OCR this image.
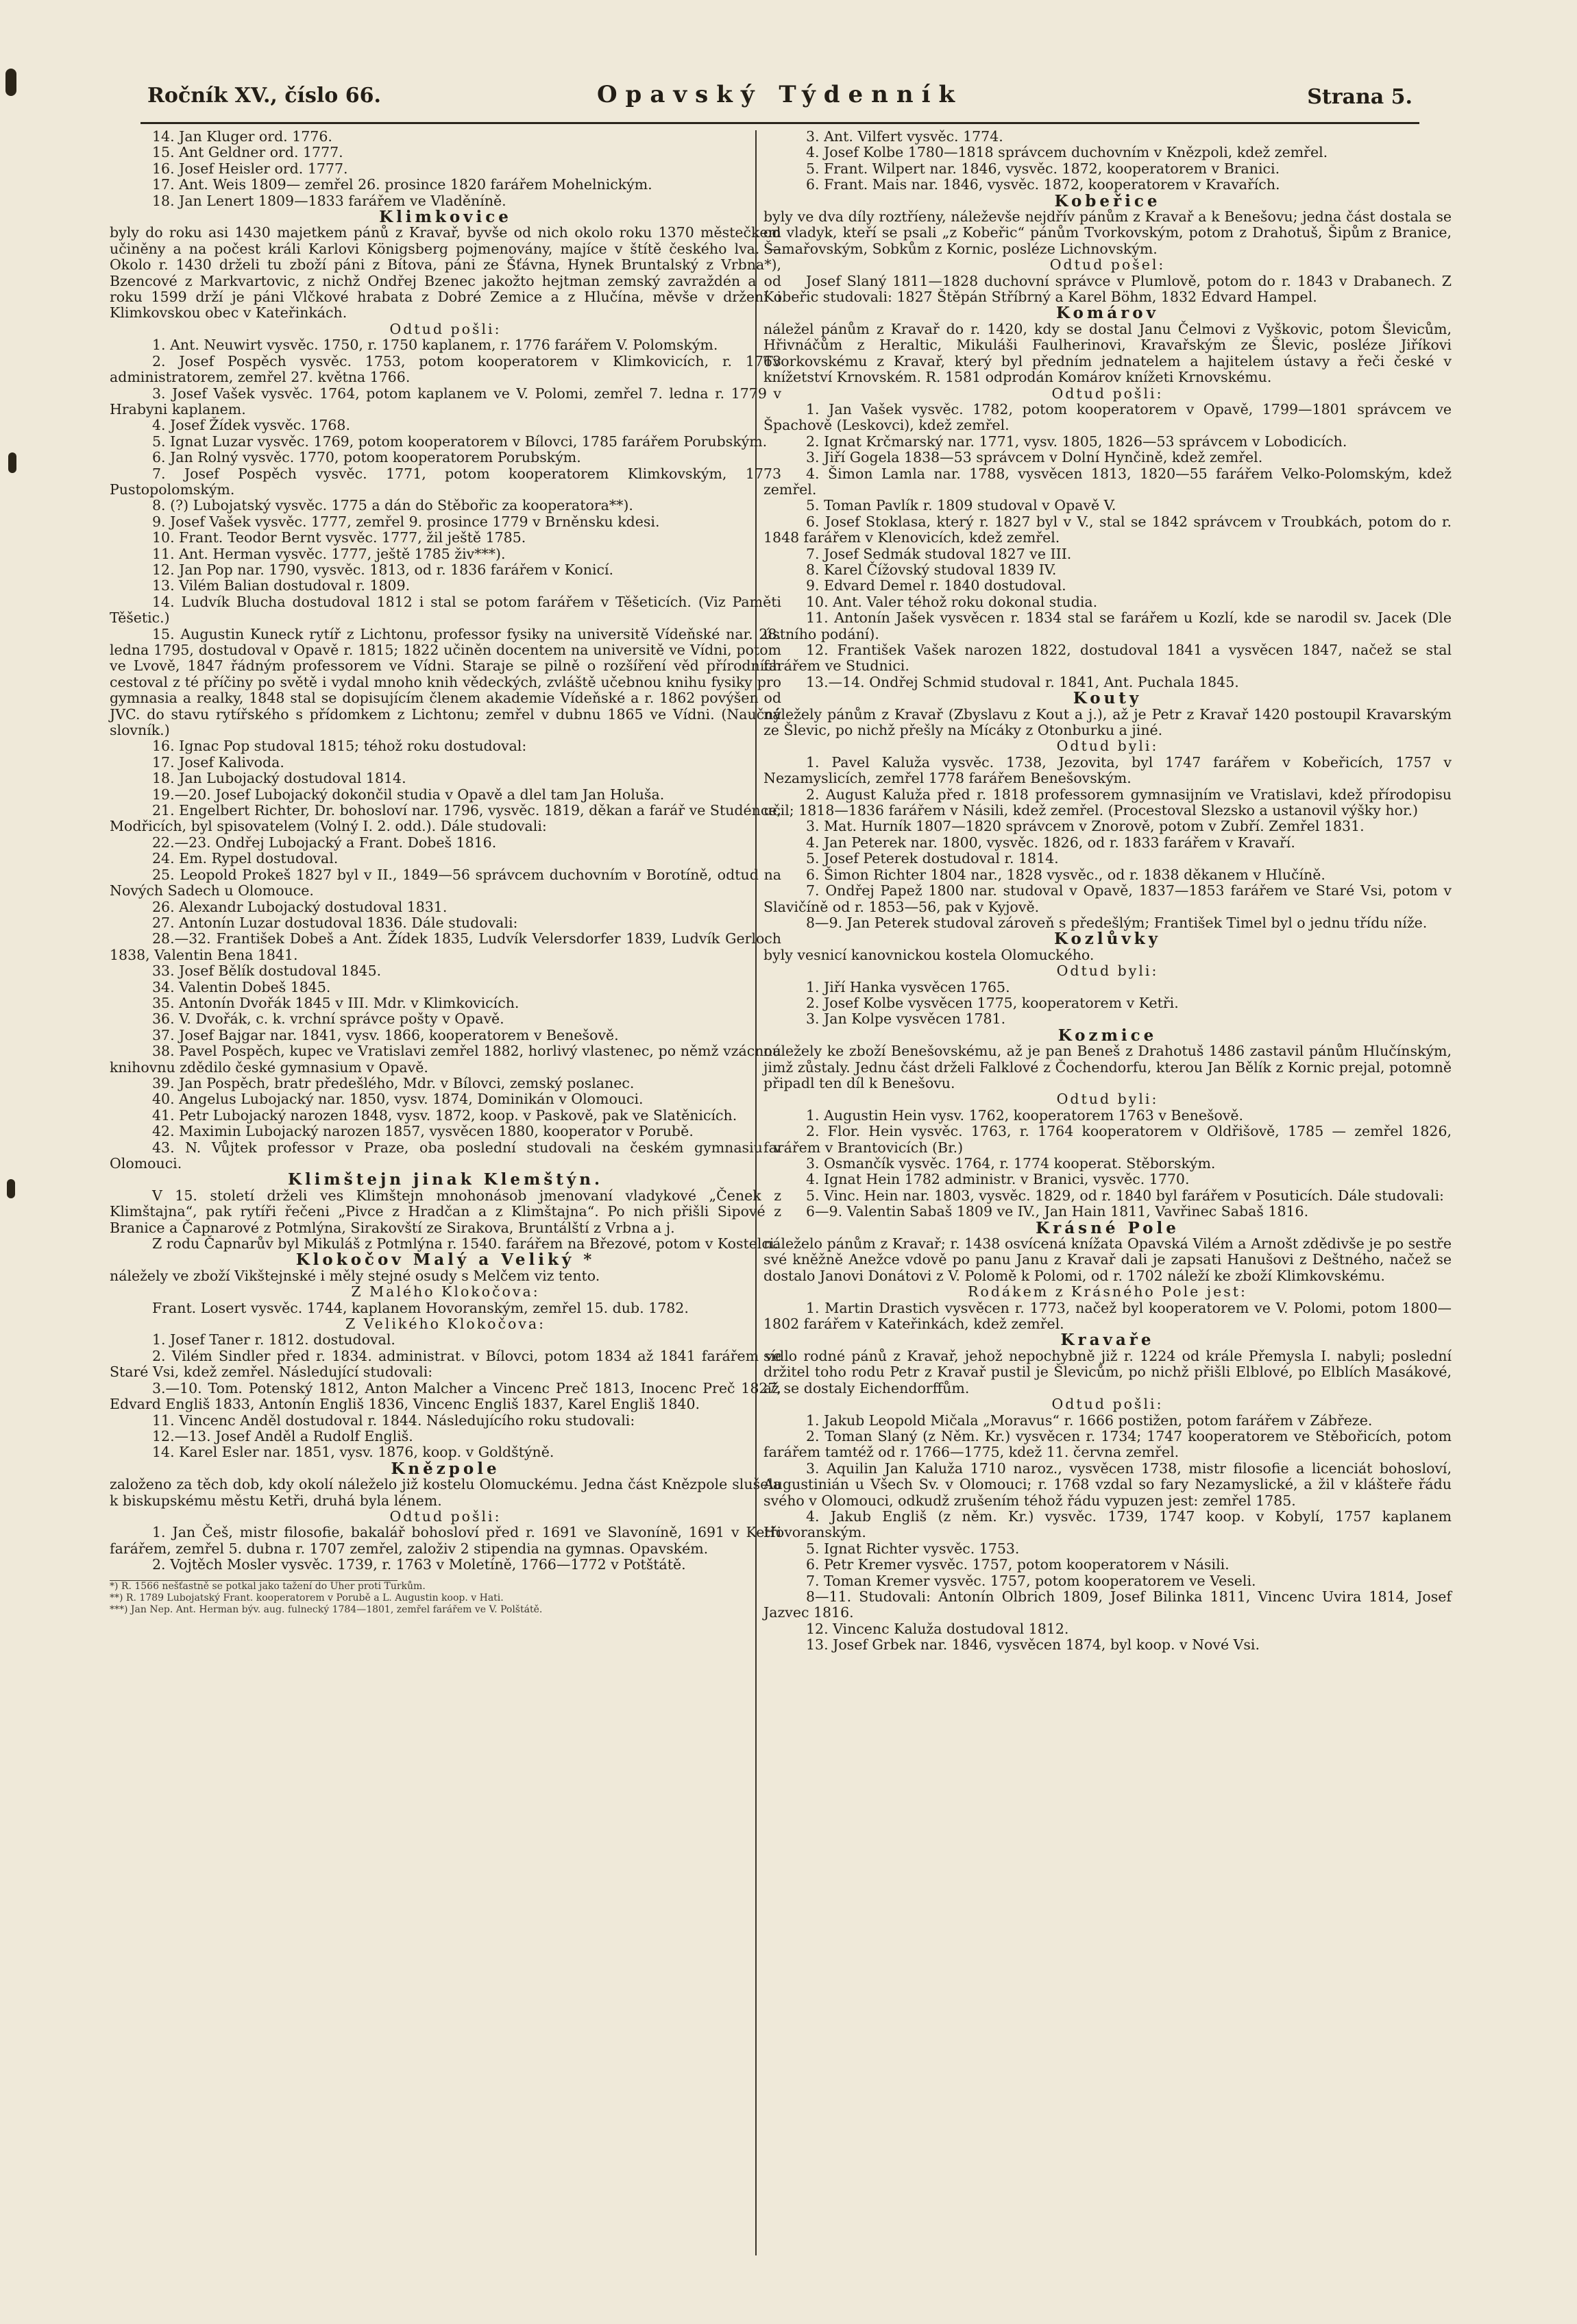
Ročník XV., číslo 66.	Opavský Týdenník	Strana 5.

14. Jan Kluger ord. 1776.

15. Ant Geldner ord. 1777.

16. Josef Heisler ord. 1777.

17. Ant. Weis 1809— zemřel 26. prosince 1820 farářem Mohelnickým.

18. Jan Lenert 1809—1833 farářem ve Vladěníně.

Klimkovice

byly do roku asi 1430 majetkem pánů z Kravař, byvše od nich okolo roku 1370 městečkem učiněny a na počest králi Karlovi Königsberg pojmenovány, majíce v štítě českého lva. — Okolo r. 1430 drželi tu zboží páni z Bítova, páni ze Šťávna, Hynek Bruntalský z Vrbna*), Bzencové z Markvartovic, z nichž Ondřej Bzenec jakožto hejtman zemský zavraždén a od roku 1599 drží je páni Vlčkové hrabata z Dobré Zemice a z Hlučína, měvše v držení i Klimkovskou obec v Kateřinkách.

Odtud pošli:

1. Ant. Neuwirt vysvěc. 1750, r. 1750 kaplanem, r. 1776 farářem V. Polomským.

2. Josef Pospěch vysvěc. 1753, potom kooperatorem v Klimkovicích, r. 1763 administratorem, zemřel 27. května 1766.

3. Josef Vašek vysvěc. 1764, potom kaplanem ve V. Polomi, zemřel 7. ledna r. 1779 v Hrabyni kaplanem.

4. Josef Žídek vysvěc. 1768.

5. Ignat Luzar vysvěc. 1769, potom kooperatorem v Bílovci, 1785 farářem Porubským.

6. Jan Rolný vysvěc. 1770, potom kooperatorem Porubským.

7. Josef Pospěch vysvěc. 1771, potom kooperatorem Klimkovským, 1773 Pustopolomským.

8. (?) Lubojatský vysvěc. 1775 a dán do Stěbořic za kooperatora**).

9. Josef Vašek vysvěc. 1777, zemřel 9. prosince 1779 v Brněnsku kdesi.

10. Frant. Teodor Bernt vysvěc. 1777, žil ještě 1785.

11. Ant. Herman vysvěc. 1777, ještě 1785 živ***).

12. Jan Pop nar. 1790, vysvěc. 1813, od r. 1836 farářem v Konicí.

13. Vilém Balian dostudoval r. 1809.

14. Ludvík Blucha dostudoval 1812 i stal se potom farářem v Těšeticích. (Viz Paměti Těšetic.)

15. Augustin Kuneck rytíř z Lichtonu, professor fysiky na universitě Vídeňské nar. 28. ledna 1795, dostudoval v Opavě r. 1815; 1822 učiněn docentem na universitě ve Vídni, potom ve Lvově, 1847 řádným professorem ve Vídni. Staraje se pilně o rozšíření věd přírodních cestoval z té příčiny po světě i vydal mnoho knih vědeckých, zvláště učebnou knihu fysiky pro gymnasia a realky, 1848 stal se dopisujícím členem akademie Vídeňské a r. 1862 povýšen od JVC. do stavu rytířského s přídomkem z Lichtonu; zemřel v dubnu 1865 ve Vídni. (Naučný slovník.)

16. Ignac Pop studoval 1815; téhož roku dostudoval:

17. Josef Kalivoda.

18. Jan Lubojacký dostudoval 1814.

19.—20. Josef Lubojacký dokončil studia v Opavě a dlel tam Jan Holuša.

21. Engelbert Richter, Dr. bohosloví nar. 1796, vysvěc. 1819, děkan a farář ve Studénce, Modřicích, byl spisovatelem (Volný I. 2. odd.). Dále studovali:

22.—23. Ondřej Lubojacký a Frant. Dobeš 1816.

24. Em. Rypel dostudoval.

25. Leopold Prokeš 1827 byl v II., 1849—56 správcem duchovním v Borotíně, odtud na Nových Sadech u Olomouce.

26. Alexandr Lubojacký dostudoval 1831.

27. Antonín Luzar dostudoval 1836. Dále studovali:

28.—32. František Dobeš a Ant. Žídek 1835, Ludvík Velersdorfer 1839, Ludvík Gerloch 1838, Valentin Bena 1841.

33. Josef Bělík dostudoval 1845.

34. Valentin Dobeš 1845.

35. Antonín Dvořák 1845 v III. Mdr. v Klimkovicích.

36. V. Dvořák, c. k. vrchní správce pošty v Opavě.

37. Josef Bajgar nar. 1841, vysv. 1866, kooperatorem v Benešově.

38. Pavel Pospěch, kupec ve Vratislavi zemřel 1882, horlivý vlastenec, po němž vzácnou knihovnu zdědilo české gymnasium v Opavě.

39. Jan Pospěch, bratr předešlého, Mdr. v Bílovci, zemský poslanec.

40. Angelus Lubojacký nar. 1850, vysv. 1874, Dominikán v Olomouci.

41. Petr Lubojacký narozen 1848, vysv. 1872, koop. v Paskově, pak ve Slatěnicích.

42. Maximin Lubojacký narozen 1857, vysvěcen 1880, kooperator v Porubě.

43. N. Vůjtek professor v Praze, oba poslední studovali na českém gymnasiu v Olomouci.

Klimštejn jinak Klemštýn.

V 15. století drželi ves Klimštejn mnohonásob jmenovaní vladykové „Čenek z Klimštajna“, pak rytíři řečeni „Pivce z Hradčan a z Klimštajna“. Po nich přišli Sipové z Branice a Čapnarové z Potmlýna, Sirakovští ze Sirakova, Bruntálští z Vrbna a j.

Z rodu Čapnarův byl Mikuláš z Potmlýna r. 1540. farářem na Březové, potom v Kostelci.

Klokočov Malý a Veliký *

náležely ve zboží Vikštejnské i měly stejné osudy s Melčem viz tento.

Z Malého Klokočova:

Frant. Losert vysvěc. 1744, kaplanem Hovoranským, zemřel 15. dub. 1782.

Z Velikého Klokočova:

1. Josef Taner r. 1812. dostudoval.

2. Vilém Sindler před r. 1834. administrat. v Bílovci, potom 1834 až 1841 farářem ve Staré Vsi, kdež zemřel. Následující studovali:

3.—10. Tom. Potenský 1812, Anton Malcher a Vincenc Preč 1813, Inocenc Preč 1827, Edvard Engliš 1833, Antonín Engliš 1836, Vincenc Engliš 1837, Karel Engliš 1840.

11. Vincenc Anděl dostudoval r. 1844. Následujícího roku studovali:

12.—13. Josef Anděl a Rudolf Engliš.

14. Karel Esler nar. 1851, vysv. 1876, koop. v Goldštýně.

Knězpole

založeno za těch dob, kdy okolí náleželo již kostelu Olomuckému. Jedna část Knězpole slušela k biskupskému městu Ketři, druhá byla lénem.

Odtud pošli:

1. Jan Češ, mistr filosofie, bakalář bohosloví před r. 1691 ve Slavoníně, 1691 v Ketři farářem, zemřel 5. dubna r. 1707 zemřel, založiv 2 stipendia na gymnas. Opavském.

2. Vojtěch Mosler vysvěc. 1739, r. 1763 v Moletíně, 1766—1772 v Potštátě.

*) R. 1566 nešťastně se potkal jako tažení do Uher proti Turkům.

**) R. 1789 Lubojatský Frant. kooperatorem v Porubě a L. Augustin koop. v Hati.

***) Jan Nep. Ant. Herman býv. aug. fulnecký 1784—1801, zemřel farářem ve V. Polštátě.

3. Ant. Vilfert vysvěc. 1774.

4. Josef Kolbe 1780—1818 správcem duchovním v Knězpoli, kdež zemřel.

5. Frant. Wilpert nar. 1846, vysvěc. 1872, kooperatorem v Branici.

6. Frant. Mais nar. 1846, vysvěc. 1872, kooperatorem v Kravařích.

Kobeřice

byly ve dva díly roztříeny, náleževše nejdřív pánům z Kravař a k Benešovu; jedna část dostala se od vladyk, kteří se psali „z Kobeřic“ pánům Tvorkovským, potom z Drahotuš, Šipům z Branice, Šamařovským, Sobkům z Kornic, posléze Lichnovským.

Odtud pošel:

Josef Slaný 1811—1828 duchovní správce v Plumlově, potom do r. 1843 v Drabanech. Z Kobeřic studovali: 1827 Štěpán Stříbrný a Karel Böhm, 1832 Edvard Hampel.

Komárov

náležel pánům z Kravař do r. 1420, kdy se dostal Janu Čelmovi z Vyškovic, potom Šlevicům, Hřivnáčům z Heraltic, Mikuláši Faulherinovi, Kravařským ze Šlevic, posléze Jiříkovi Tvorkovskému z Kravař, který byl předním jednatelem a hajitelem ústavy a řeči české v knížetství Krnovském. R. 1581 odprodán Komárov knížeti Krnovskému.

Odtud pošli:

1. Jan Vašek vysvěc. 1782, potom kooperatorem v Opavě, 1799—1801 správcem ve Špachově (Leskovci), kdež zemřel.

2. Ignat Krčmarský nar. 1771, vysv. 1805, 1826—53 správcem v Lobodicích.

3. Jiří Gogela 1838—53 správcem v Dolní Hynčině, kdež zemřel.

4. Šimon Lamla nar. 1788, vysvěcen 1813, 1820—55 farářem Velko-Polomským, kdež zemřel.

5. Toman Pavlík r. 1809 studoval v Opavě V.

6. Josef Stoklasa, který r. 1827 byl v V., stal se 1842 správcem v Troubkách, potom do r. 1848 farářem v Klenovicích, kdež zemřel.

7. Josef Sedmák studoval 1827 ve III.

8. Karel Čížovský studoval 1839 IV.

9. Edvard Demel r. 1840 dostudoval.

10. Ant. Valer téhož roku dokonal studia.

11. Antonín Jašek vysvěcen r. 1834 stal se farářem u Kozlí, kde se narodil sv. Jacek (Dle ústního podání).

12. František Vašek narozen 1822, dostudoval 1841 a vysvěcen 1847, načež se stal farářem ve Studnici.

13.—14. Ondřej Schmid studoval r. 1841, Ant. Puchala 1845.

Kouty

náležely pánům z Kravař (Zbyslavu z Kout a j.), až je Petr z Kravař 1420 postoupil Kravarským ze Šlevic, po nichž přešly na Mícáky z Otonburku a jiné.

Odtud byli:

1. Pavel Kaluža vysvěc. 1738, Jezovita, byl 1747 farářem v Kobeřicích, 1757 v Nezamyslicích, zemřel 1778 farářem Benešovským.

2. August Kaluža před r. 1818 professorem gymnasijním ve Vratislavi, kdež přírodopisu učil; 1818—1836 farářem v Násili, kdež zemřel. (Procestoval Slezsko a ustanovil výšky hor.)

3. Mat. Hurník 1807—1820 správcem v Znorově, potom v Zubří. Zemřel 1831.

4. Jan Peterek nar. 1800, vysvěc. 1826, od r. 1833 farářem v Kravaří.

5. Josef Peterek dostudoval r. 1814.

6. Šimon Richter 1804 nar., 1828 vysvěc., od r. 1838 děkanem v Hlučíně.

7. Ondřej Papež 1800 nar. studoval v Opavě, 1837—1853 farářem ve Staré Vsi, potom v Slavičíně od r. 1853—56, pak v Kyjově.

8—9. Jan Peterek studoval zároveň s předešlým; František Timel byl o jednu třídu níže.

Kozlůvky

byly vesnicí kanovnickou kostela Olomuckého.

Odtud byli:

1. Jiří Hanka vysvěcen 1765.

2. Josef Kolbe vysvěcen 1775, kooperatorem v Ketři.

3. Jan Kolpe vysvěcen 1781.

Kozmice

náležely ke zboží Benešovskému, až je pan Beneš z Drahotuš 1486 zastavil pánům Hlučínským, jimž zůstaly. Jednu část drželi Falklové z Čochendorfu, kterou Jan Bělík z Kornic prejal, potomně připadl ten díl k Benešovu.

Odtud byli:

1. Augustin Hein vysv. 1762, kooperatorem 1763 v Benešově.

2. Flor. Hein vysvěc. 1763, r. 1764 kooperatorem v Oldřišově, 1785 — zemřel 1826, farářem v Brantovicích (Br.)

3. Osmančík vysvěc. 1764, r. 1774 kooperat. Stěborským.

4. Ignat Hein 1782 administr. v Branici, vysvěc. 1770.

5. Vinc. Hein nar. 1803, vysvěc. 1829, od r. 1840 byl farářem v Posuticích. Dále studovali:

6—9. Valentin Sabaš 1809 ve IV., Jan Hain 1811, Vavřinec Sabaš 1816.

Krásné Pole

náleželo pánům z Kravař; r. 1438 osvícená knížata Opavská Vilém a Arnošt zdědivše je po sestře své kněžně Anežce vdově po panu Janu z Kravař dali je zapsati Hanušovi z Deštného, načež se dostalo Janovi Donátovi z V. Polomě k Polomi, od r. 1702 náleží ke zboží Klimkovskému.

Rodákem z Krásného Pole jest:

1. Martin Drastich vysvěcen r. 1773, načež byl kooperatorem ve V. Polomi, potom 1800—1802 farářem v Kateřinkách, kdež zemřel.

Kravaře

sídlo rodné pánů z Kravař, jehož nepochybně již r. 1224 od krále Přemysla I. nabyli; poslední držitel toho rodu Petr z Kravař pustil je Šlevicům, po nichž přišli Elblové, po Elblích Masákové, až se dostaly Eichendorffům.

Odtud pošli:

1. Jakub Leopold Mičala „Moravus“ r. 1666 postižen, potom farářem v Zábřeze.

2. Toman Slaný (z Něm. Kr.) vysvěcen r. 1734; 1747 kooperatorem ve Stěbořicích, potom farářem tamtéž od r. 1766—1775, kdež 11. června zemřel.

3. Aquilin Jan Kaluža 1710 naroz., vysvěcen 1738, mistr filosofie a licenciát bohosloví, Augustinián u Všech Sv. v Olomouci; r. 1768 vzdal so fary Nezamyslické, a žil v klášteře řádu svého v Olomouci, odkudž zrušením téhož řádu vypuzen jest: zemřel 1785.

4. Jakub Engliš (z něm. Kr.) vysvěc. 1739, 1747 koop. v Kobylí, 1757 kaplanem Hovoranským.

5. Ignat Richter vysvěc. 1753.

6. Petr Kremer vysvěc. 1757, potom kooperatorem v Násili.

7. Toman Kremer vysvěc. 1757, potom kooperatorem ve Veseli.

8—11. Studovali: Antonín Olbrich 1809, Josef Bilinka 1811, Vincenc Uvira 1814, Josef Jazvec 1816.

12. Vincenc Kaluža dostudoval 1812.

13. Josef Grbek nar. 1846, vysvěcen 1874, byl koop. v Nové Vsi.
